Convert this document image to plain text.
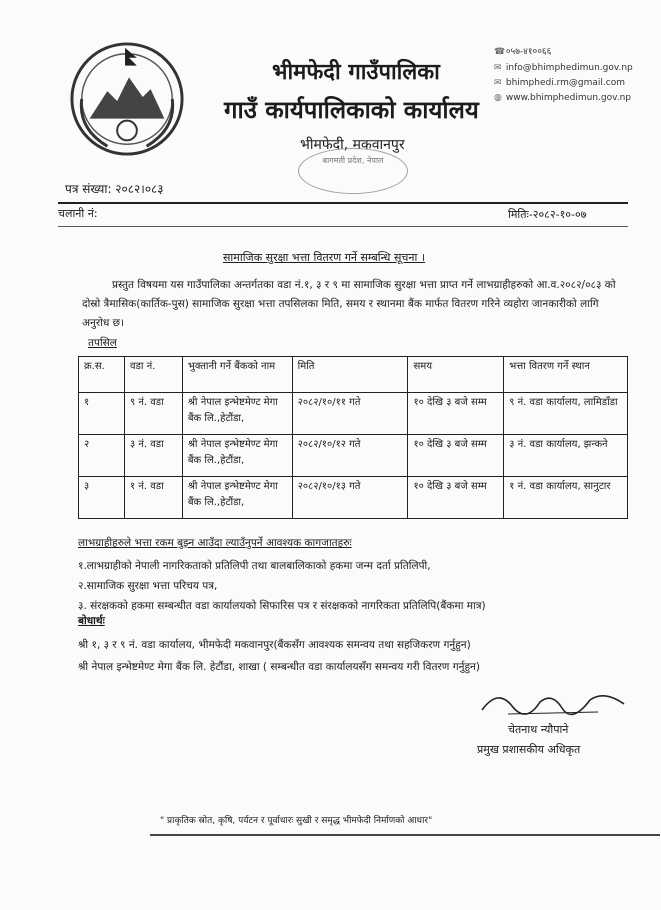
भीमफेदी गाउँपालिका
गाउँ कार्यपालिकाको कार्यालय
भीमफेदी, मकवानपुर
बागमती प्रदेश, नेपाल
☎ ०५७-४१००६६
✉ info@bhimphedimun.gov.np
✉ bhimphedi.rm@gmail.com
◍ www.bhimphedimun.gov.np
पत्र संख्या: २०८२।०८३
चलानी नं:	मितिः-२०८२-१०-०७
सामाजिक सुरक्षा भत्ता वितरण गर्ने सम्बन्धि सूचना ।
प्रस्तुत विषयमा यस गाउँपालिका अन्तर्गतका वडा नं.१, ३ र ९ मा सामाजिक सुरक्षा भत्ता प्राप्त गर्ने लाभग्राहीहरुको आ.व.२०८२/०८३ को दोस्रो त्रैमासिक(कार्तिक-पुस) सामाजिक सुरक्षा भत्ता तपसिलका मिति, समय र स्थानमा बैंक मार्फत वितरण गरिने व्यहोरा जानकारीको लागि अनुरोध छ।
तपसिल
क्र.स.	वडा नं.	भुक्तानी गर्ने बैंकको नाम	मिति	समय	भत्ता वितरण गर्ने स्थान
१	९ नं. वडा	श्री नेपाल इन्भेष्टमेण्ट मेगा बैंक लि.,हेटौंडा,	२०८२/१०/११ गते	१० देखि ३ बजे सम्म	९ नं. वडा कार्यालय, लामिडाँडा
२	३ नं. वडा	श्री नेपाल इन्भेष्टमेण्ट मेगा बैंक लि.,हेटौंडा,	२०८२/१०/१२ गते	१० देखि ३ बजे सम्म	३ नं. वडा कार्यालय, झन्कने
३	१ नं. वडा	श्री नेपाल इन्भेष्टमेण्ट मेगा बैंक लि.,हेटौंडा,	२०८२/१०/१३ गते	१० देखि ३ बजे सम्म	१ नं. वडा कार्यालय, सानुटार
लाभग्राहीहरुले भत्ता रकम बुझ्न आउँदा ल्याउँनुपर्ने आवश्यक कागजातहरुः
१.लाभग्राहीको नेपाली नागरिकताको प्रतिलिपी तथा बालबालिकाको हकमा जन्म दर्ता प्रतिलिपी,
२.सामाजिक सुरक्षा भत्ता परिचय पत्र,
३. संरक्षकको हकमा सम्बन्धीत वडा कार्यालयको सिफारिस पत्र र संरक्षकको नागरिकता प्रतिलिपि(बैंकमा मात्र)
बोधार्थः
श्री १, ३ र ९ नं. वडा कार्यालय, भीमफेदी मकवानपुर(बैंकसँग आवश्यक समन्वय तथा सहजिकरण गर्नुहुन)
श्री नेपाल इन्भेष्टमेण्ट मेगा बैंक लि. हेटौंडा, शाखा ( सम्बन्धीत वडा कार्यालयसँग समन्वय गरी वितरण गर्नुहुन)
चेतनाथ न्यौपाने
प्रमुख प्रशासकीय अधिकृत
" प्राकृतिक स्रोत, कृषि, पर्यटन र पूर्वाधारः सुखी र समृद्ध भीमफेदी निर्माणको आधार"
